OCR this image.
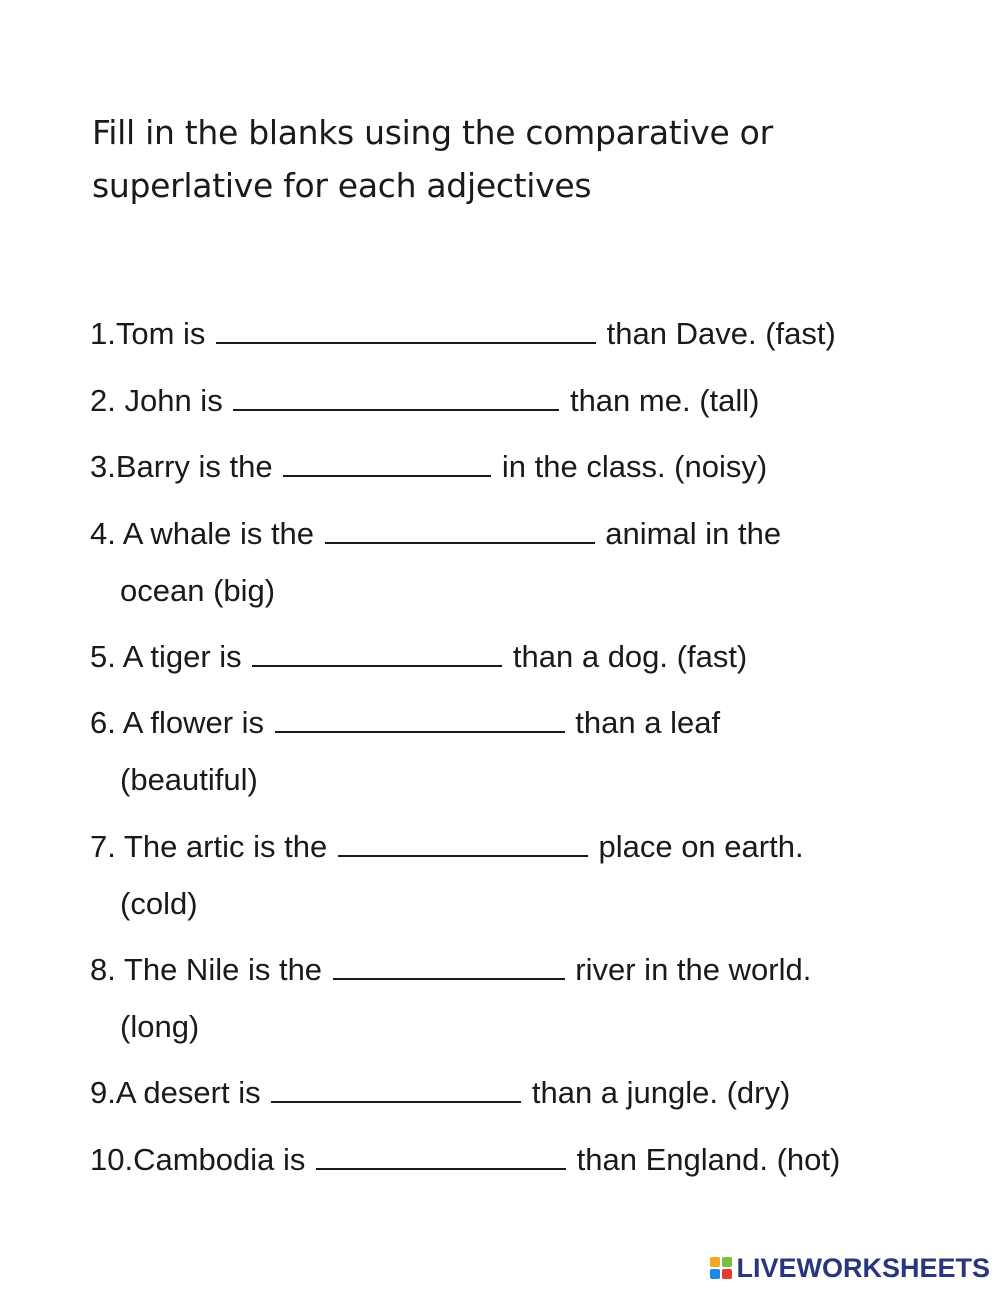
Fill in the blanks using the comparative or superlative for each adjectives
1.Tom is	than Dave. (fast)
2. John is	than me. (tall)
3.Barry is the	in the class. (noisy)
4. A whale is the	animal in the
ocean (big)
5. A tiger is	than a dog. (fast)
6. A flower is	than a leaf
(beautiful)
7. The artic is the	place on earth.
(cold)
8. The Nile is the	river in the world.
(long)
9.A desert is	than a jungle. (dry)
10.Cambodia is	than England. (hot)
LIVEWORKSHEETS
